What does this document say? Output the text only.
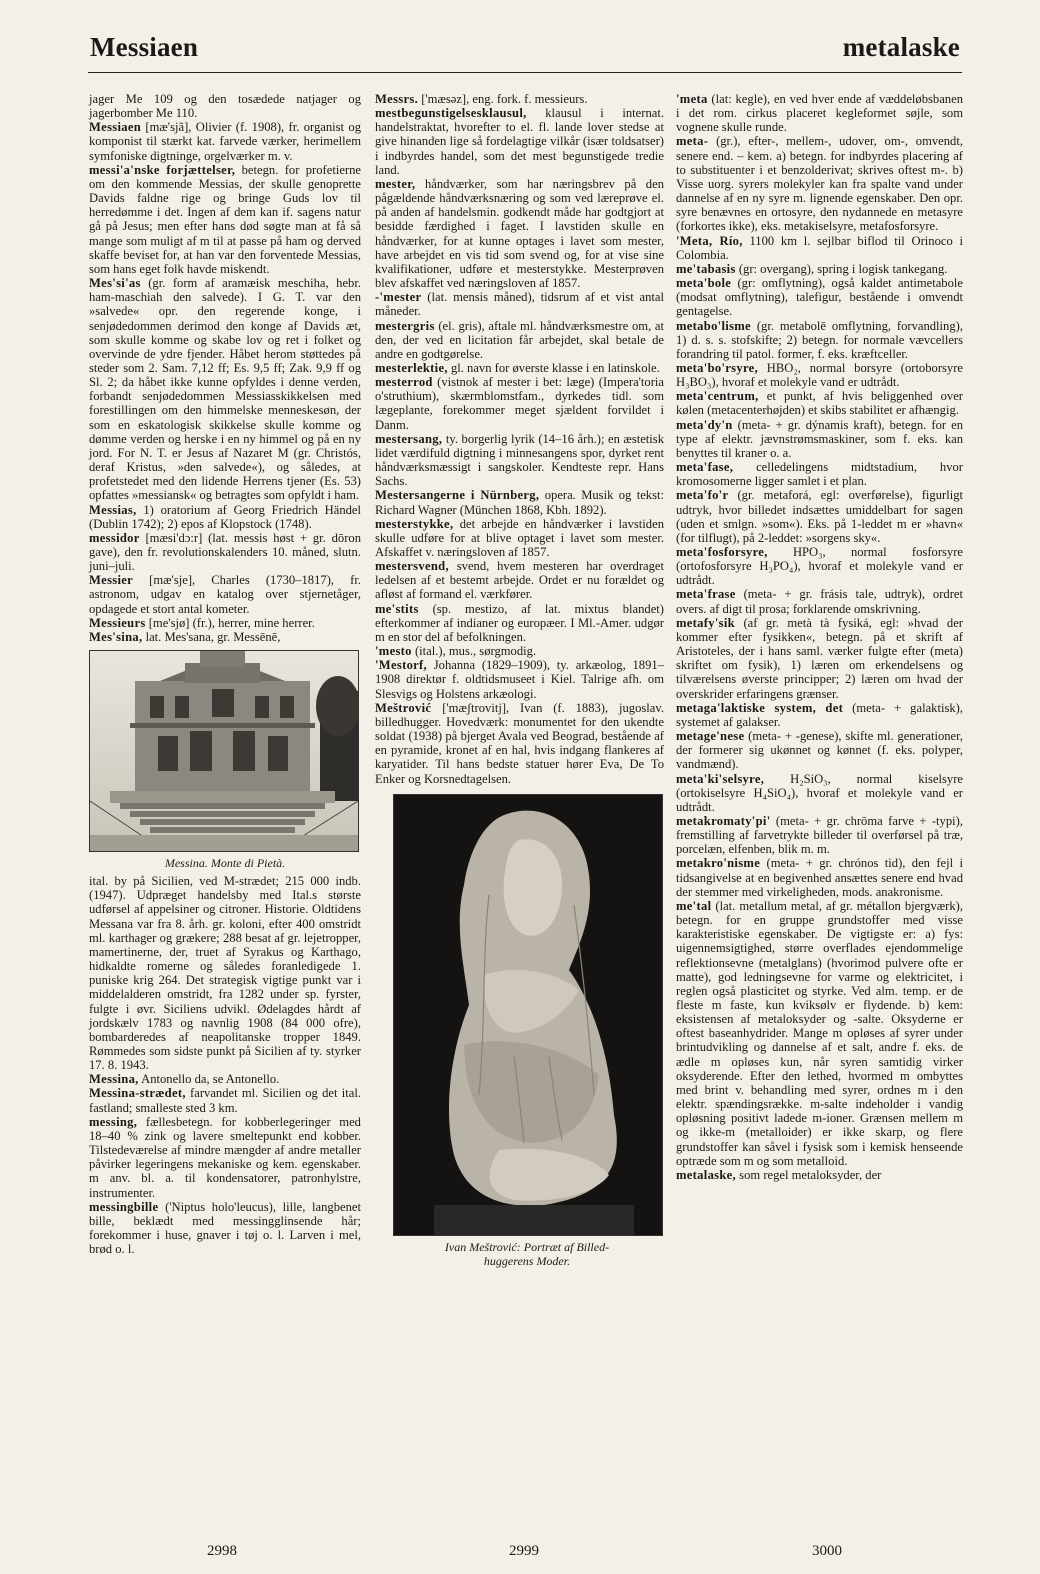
Messiaen	metalaske

jager Me 109 og den tosædede natjager og jagerbomber Me 110.

Messiaen [mæ'sjã], Olivier (f. 1908), fr. organist og komponist til stærkt kat. farvede værker, herimellem symfoniske digtninge, orgelværker m. v.

messi'a'nske forjættelser, betegn. for profetierne om den kommende Messias, der skulle genoprette Davids faldne rige og bringe Guds lov til herredømme i det. Ingen af dem kan if. sagens natur gå på Jesus; men efter hans død søgte man at få så mange som muligt af m til at passe på ham og derved skaffe beviset for, at han var den forventede Messias, som hans eget folk havde miskendt.

Mes'si'as (gr. form af aramæisk meschiha, hebr. ham-maschiah den salvede). I G. T. var den »salvede« opr. den regerende konge, i senjødedommen derimod den konge af Davids æt, som skulle komme og skabe lov og ret i folket og overvinde de ydre fjender. Håbet herom støttedes på steder som 2. Sam. 7,12 ff; Es. 9,5 ff; Zak. 9,9 ff og Sl. 2; da håbet ikke kunne opfyldes i denne verden, forbandt senjødedommen Messiasskikkelsen med forestillingen om den himmelske menneskesøn, der som en eskatologisk skikkelse skulle komme og dømme verden og herske i en ny himmel og på en ny jord. For N. T. er Jesus af Nazaret M (gr. Christós, deraf Kristus, »den salvede«), og således, at profetstedet med den lidende Herrens tjener (Es. 53) opfattes »messiansk« og betragtes som opfyldt i ham.

Messias, 1) oratorium af Georg Friedrich Händel (Dublin 1742); 2) epos af Klopstock (1748).

messidor [mæsi'dɔ:r] (lat. messis høst + gr. dōron gave), den fr. revolutionskalenders 10. måned, slutn. juni–juli.

Messier [mæ'sje], Charles (1730–1817), fr. astronom, udgav en katalog over stjernetåger, opdagede et stort antal kometer.

Messieurs [me'sjø] (fr.), herrer, mine herrer.

Mes'sina, lat. Mes'sana, gr. Messēnē,

Messina. Monte di Pietà.

ital. by på Sicilien, ved M-strædet; 215 000 indb. (1947). Udpræget handelsby med Ital.s største udførsel af appelsiner og citroner. Historie. Oldtidens Messana var fra 8. årh. gr. koloni, efter 400 omstridt ml. karthager og grækere; 288 besat af gr. lejetropper, mamertinerne, der, truet af Syrakus og Karthago, hidkaldte romerne og således foranledigede 1. puniske krig 264. Det strategisk vigtige punkt var i middelalderen omstridt, fra 1282 under sp. fyrster, fulgte i øvr. Siciliens udvikl. Ødelagdes hårdt af jordskælv 1783 og navnlig 1908 (84 000 ofre), bombarderedes af neapolitanske tropper 1849. Rømmedes som sidste punkt på Sicilien af ty. styrker 17. 8. 1943.

Messina, Antonello da, se Antonello.

Messina-strædet, farvandet ml. Sicilien og det ital. fastland; smalleste sted 3 km.

messing, fællesbetegn. for kobberlegeringer med 18–40 % zink og lavere smeltepunkt end kobber. Tilstedeværelse af mindre mængder af andre metaller påvirker legeringens mekaniske og kem. egenskaber. m anv. bl. a. til kondensatorer, patronhylstre, instrumenter.

messingbille ('Niptus holo'leucus), lille, langbenet bille, beklædt med messingglinsende hår; forekommer i huse, gnaver i tøj o. l. Larven i mel, brød o. l.

Messrs. ['mæsəz], eng. fork. f. messieurs.

mestbegunstigelsesklausul, klausul i internat. handelstraktat, hvorefter to el. fl. lande lover stedse at give hinanden lige så fordelagtige vilkår (især toldsatser) i indbyrdes handel, som det mest begunstigede tredie land.

mester, håndværker, som har næringsbrev på den pågældende håndværksnæring og som ved læreprøve el. på anden af handelsmin. godkendt måde har godtgjort at besidde færdighed i faget. I lavstiden skulle en håndværker, for at kunne optages i lavet som mester, have arbejdet en vis tid som svend og, for at vise sine kvalifikationer, udføre et mesterstykke. Mesterprøven blev afskaffet ved næringsloven af 1857.

-'mester (lat. mensis måned), tidsrum af et vist antal måneder.

mestergris (el. gris), aftale ml. håndværksmestre om, at den, der ved en licitation får arbejdet, skal betale de andre en godtgørelse.

mesterlektie, gl. navn for øverste klasse i en latinskole.

mesterrod (vistnok af mester i bet: læge) (Impera'toria o'struthium), skærmblomstfam., dyrkedes tidl. som lægeplante, forekommer meget sjældent forvildet i Danm.

mestersang, ty. borgerlig lyrik (14–16 årh.); en æstetisk lidet værdifuld digtning i minnesangens spor, dyrket rent håndværksmæssigt i sangskoler. Kendteste repr. Hans Sachs.

Mestersangerne i Nürnberg, opera. Musik og tekst: Richard Wagner (München 1868, Kbh. 1892).

mesterstykke, det arbejde en håndværker i lavstiden skulle udføre for at blive optaget i lavet som mester. Afskaffet v. næringsloven af 1857.

mestersvend, svend, hvem mesteren har overdraget ledelsen af et bestemt arbejde. Ordet er nu forældet og afløst af formand el. værkfører.

me'stits (sp. mestizo, af lat. mixtus blandet) efterkommer af indianer og europæer. I Ml.-Amer. udgør m en stor del af befolkningen.

'mesto (ital.), mus., sørgmodig.

'Mestorf, Johanna (1829–1909), ty. arkæolog, 1891–1908 direktør f. oldtidsmuseet i Kiel. Talrige afh. om Slesvigs og Holstens arkæologi.

Meštrović ['mæʃtrovitj], Ivan (f. 1883), jugoslav. billedhugger. Hovedværk: monumentet for den ukendte soldat (1938) på bjerget Avala ved Beograd, bestående af en pyramide, kronet af en hal, hvis indgang flankeres af karyatider. Til hans bedste statuer hører Eva, De To Enker og Korsnedtagelsen.

Ivan Meštrović: Portræt af Billed-
huggerens Moder.

'meta (lat: kegle), en ved hver ende af væddeløbsbanen i det rom. cirkus placeret kegleformet søjle, som vognene skulle runde.

meta- (gr.), efter-, mellem-, udover, om-, omvendt, senere end. – kem. a) betegn. for indbyrdes placering af to substituenter i et benzolderivat; skrives oftest m-. b) Visse uorg. syrers molekyler kan fra spalte vand under dannelse af en ny syre m. lignende egenskaber. Den opr. syre benævnes en ortosyre, den nydannede en metasyre (forkortes ikke), eks. metakiselsyre, metafosforsyre.

'Meta, Río, 1100 km l. sejlbar biflod til Orinoco i Colombia.

me'tabasis (gr: overgang), spring i logisk tankegang.

meta'bole (gr: omflytning), også kaldet antimetabole (modsat omflytning), talefigur, bestående i omvendt gentagelse.

metabo'lisme (gr. metabolē omflytning, forvandling), 1) d. s. s. stofskifte; 2) betegn. for normale vævcellers forandring til patol. former, f. eks. kræftceller.

meta'bo'rsyre, HBO₂, normal borsyre (ortoborsyre H₃BO₃), hvoraf et molekyle vand er udtrådt.

meta'centrum, et punkt, af hvis beliggenhed over kølen (metacenterhøjden) et skibs stabilitet er afhængig.

meta'dy'n (meta- + gr. dýnamis kraft), betegn. for en type af elektr. jævnstrømsmaskiner, som f. eks. kan benyttes til kraner o. a.

meta'fase, celledelingens midtstadium, hvor kromosomerne ligger samlet i et plan.

meta'fo'r (gr. metaforá, egl: overførelse), figurligt udtryk, hvor billedet indsættes umiddelbart for sagen (uden et smlgn. »som«). Eks. på 1-leddet m er »havn« (for tilflugt), på 2-leddet: »sorgens sky«.

meta'fosforsyre, HPO₃, normal fosforsyre (ortofosforsyre H₃PO₄), hvoraf et molekyle vand er udtrådt.

meta'frase (meta- + gr. frásis tale, udtryk), ordret overs. af digt til prosa; forklarende omskrivning.

metafy'sik (af gr. metà tà fysiká, egl: »hvad der kommer efter fysikken«, betegn. på et skrift af Aristoteles, der i hans saml. værker fulgte efter (meta) skriftet om fysik), 1) læren om erkendelsens og tilværelsens øverste principper; 2) læren om hvad der overskrider erfaringens grænser.

metaga'laktiske system, det (meta- + galaktisk), systemet af galakser.

metage'nese (meta- + -genese), skifte ml. generationer, der formerer sig ukønnet og kønnet (f. eks. polyper, vandmænd).

meta'ki'selsyre, H₂SiO₃, normal kiselsyre (ortokiselsyre H₄SiO₄), hvoraf et molekyle vand er udtrådt.

metakromaty'pi' (meta- + gr. chrōma farve + -typi), fremstilling af farvetrykte billeder til overførsel på træ, porcelæn, elfenben, blik m. m.

metakro'nisme (meta- + gr. chrónos tid), den fejl i tidsangivelse at en begivenhed ansættes senere end hvad der stemmer med virkeligheden, mods. anakronisme.

me'tal (lat. metallum metal, af gr. métallon bjergværk), betegn. for en gruppe grundstoffer med visse karakteristiske egenskaber. De vigtigste er: a) fys: uigennemsigtighed, større overflades ejendommelige reflektionsevne (metalglans) (hvorimod pulvere ofte er matte), god ledningsevne for varme og elektricitet, i reglen også plasticitet og styrke. Ved alm. temp. er de fleste m faste, kun kviksølv er flydende. b) kem: eksistensen af metaloksyder og -salte. Oksyderne er oftest baseanhydrider. Mange m opløses af syrer under brintudvikling og dannelse af et salt, andre f. eks. de ædle m opløses kun, når syren samtidig virker oksyderende. Efter den lethed, hvormed m ombyttes med brint v. behandling med syrer, ordnes m i den elektr. spændingsrække. m-salte indeholder i vandig opløsning positivt ladede m-ioner. Grænsen mellem m og ikke-m (metalloider) er ikke skarp, og flere grundstoffer kan såvel i fysisk som i kemisk henseende optræde som m og som metalloid.

metalaske, som regel metaloksyder, der

2998	2999	3000
